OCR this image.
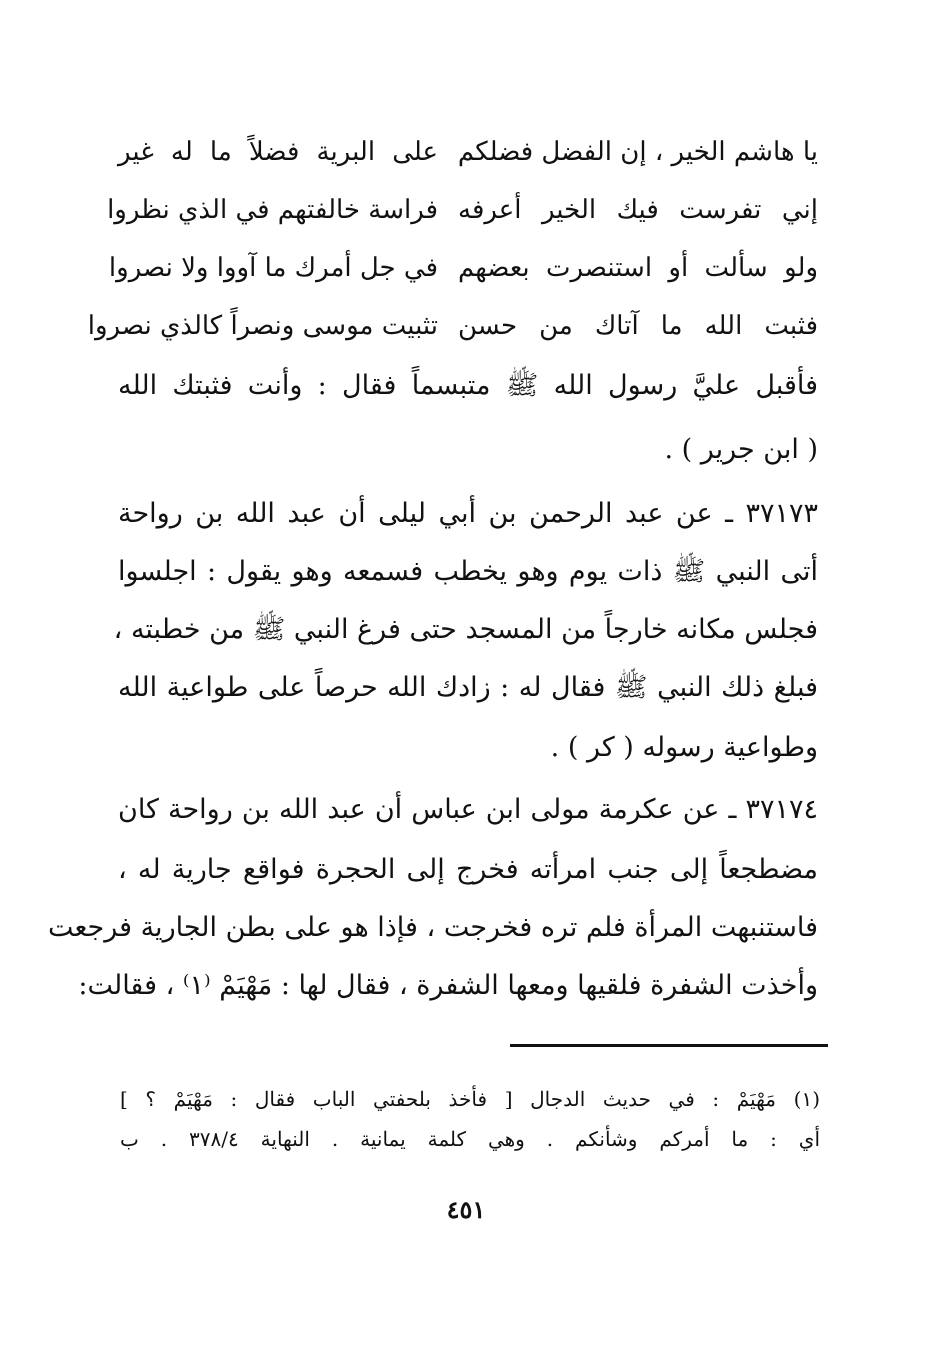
يا هاشم الخير ، إن الفضل فضلكم
على البرية فضلاً ما له غير
إني تفرست فيك الخير أعرفه
فراسة خالفتهم في الذي نظروا
ولو سألت أو استنصرت بعضهم
في جل أمرك ما آووا ولا نصروا
فثبت الله ما آتاك من حسن
تثبيت موسى ونصراً كالذي نصروا
فأقبل عليَّ رسول الله ﷺ متبسماً فقال : وأنت فثبتك الله
( ابن جرير ) .
٣٧١٧٣ ـ عن عبد الرحمن بن أبي ليلى أن عبد الله بن رواحة
أتى النبي ﷺ ذات يوم وهو يخطب فسمعه وهو يقول : اجلسوا
فجلس مكانه خارجاً من المسجد حتى فرغ النبي ﷺ من خطبته ،
فبلغ ذلك النبي ﷺ فقال له : زادك الله حرصاً على طواعية الله
وطواعية رسوله ( كر ) .
٣٧١٧٤ ـ عن عكرمة مولى ابن عباس أن عبد الله بن رواحة كان
مضطجعاً إلى جنب امرأته فخرج إلى الحجرة فواقع جارية له ،
فاستنبهت المرأة فلم تره فخرجت ، فإذا هو على بطن الجارية فرجعت
وأخذت الشفرة فلقيها ومعها الشفرة ، فقال لها : مَهْيَمْ ⁽١⁾ ، فقالت:
(١) مَهْيَمْ : في حديث الدجال [ فأخذ بلحفتي الباب فقال : مَهْيَمْ ؟ ]
أي : ما أمركم وشأنكم . وهي كلمة يمانية . النهاية ٣٧٨/٤ . ب
٤٥١
